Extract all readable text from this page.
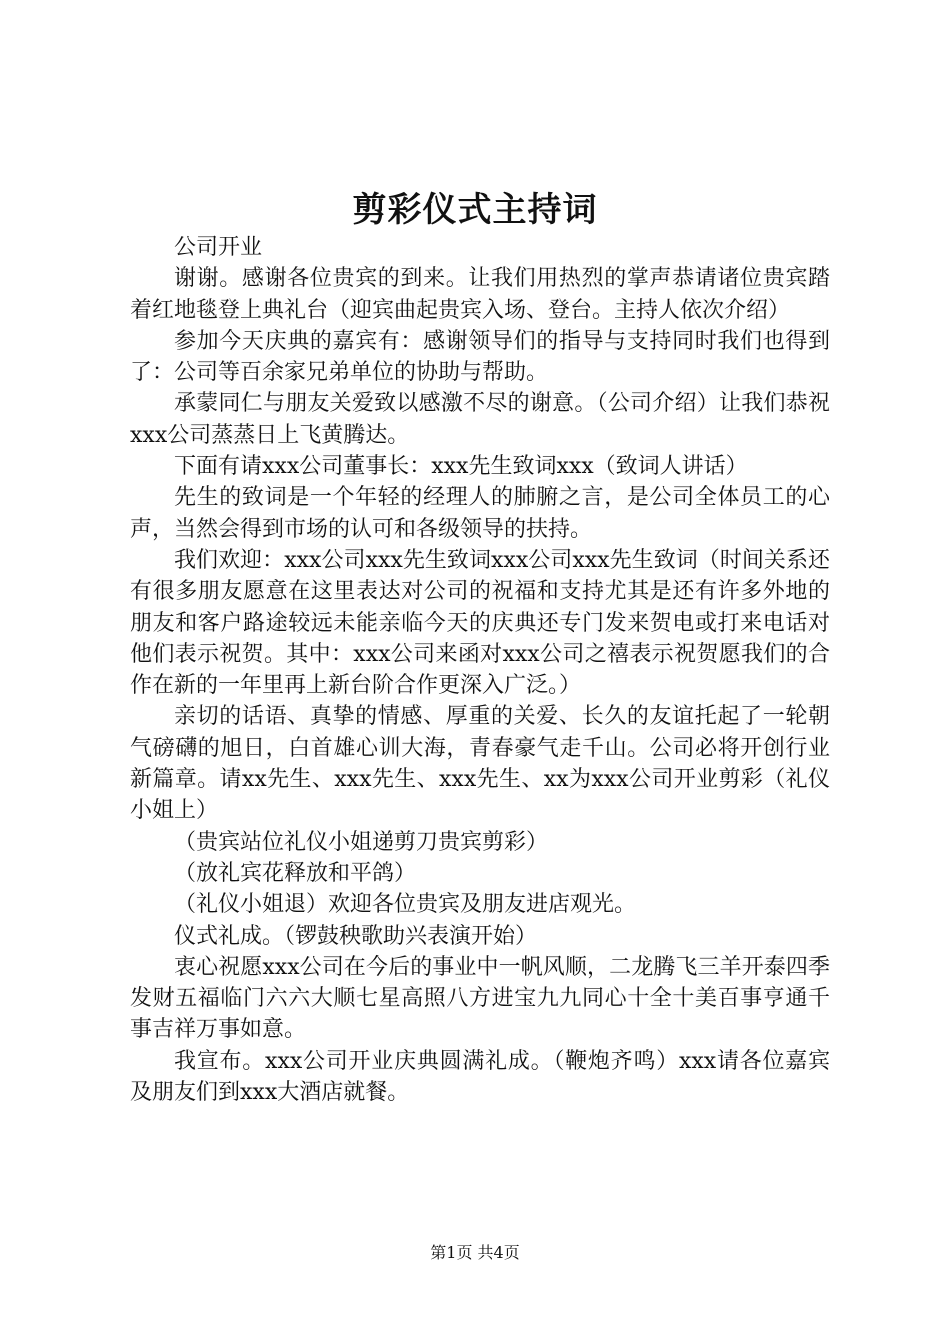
剪彩仪式主持词

公司开业

谢谢。感谢各位贵宾的到来。让我们用热烈的掌声恭请诸位贵宾踏着红地毯登上典礼台（迎宾曲起贵宾入场、登台。主持人依次介绍）

参加今天庆典的嘉宾有：感谢领导们的指导与支持同时我们也得到了：公司等百余家兄弟单位的协助与帮助。

承蒙同仁与朋友关爱致以感激不尽的谢意。（公司介绍）让我们恭祝xxx公司蒸蒸日上飞黄腾达。

下面有请xxx公司董事长：xxx先生致词xxx（致词人讲话）

先生的致词是一个年轻的经理人的肺腑之言，是公司全体员工的心声，当然会得到市场的认可和各级领导的扶持。

我们欢迎：xxx公司xxx先生致词xxx公司xxx先生致词（时间关系还有很多朋友愿意在这里表达对公司的祝福和支持尤其是还有许多外地的朋友和客户路途较远未能亲临今天的庆典还专门发来贺电或打来电话对他们表示祝贺。其中：xxx公司来函对xxx公司之禧表示祝贺愿我们的合作在新的一年里再上新台阶合作更深入广泛。）

亲切的话语、真挚的情感、厚重的关爱、长久的友谊托起了一轮朝气磅礴的旭日，白首雄心训大海，青春豪气走千山。公司必将开创行业新篇章。请xx先生、xxx先生、xxx先生、xx为xxx公司开业剪彩（礼仪小姐上）

（贵宾站位礼仪小姐递剪刀贵宾剪彩）

（放礼宾花释放和平鸽）

（礼仪小姐退）欢迎各位贵宾及朋友进店观光。

仪式礼成。（锣鼓秧歌助兴表演开始）

衷心祝愿xxx公司在今后的事业中一帆风顺，二龙腾飞三羊开泰四季发财五福临门六六大顺七星高照八方进宝九九同心十全十美百事亨通千事吉祥万事如意。

我宣布。xxx公司开业庆典圆满礼成。（鞭炮齐鸣）xxx请各位嘉宾及朋友们到xxx大酒店就餐。

第1页 共4页
